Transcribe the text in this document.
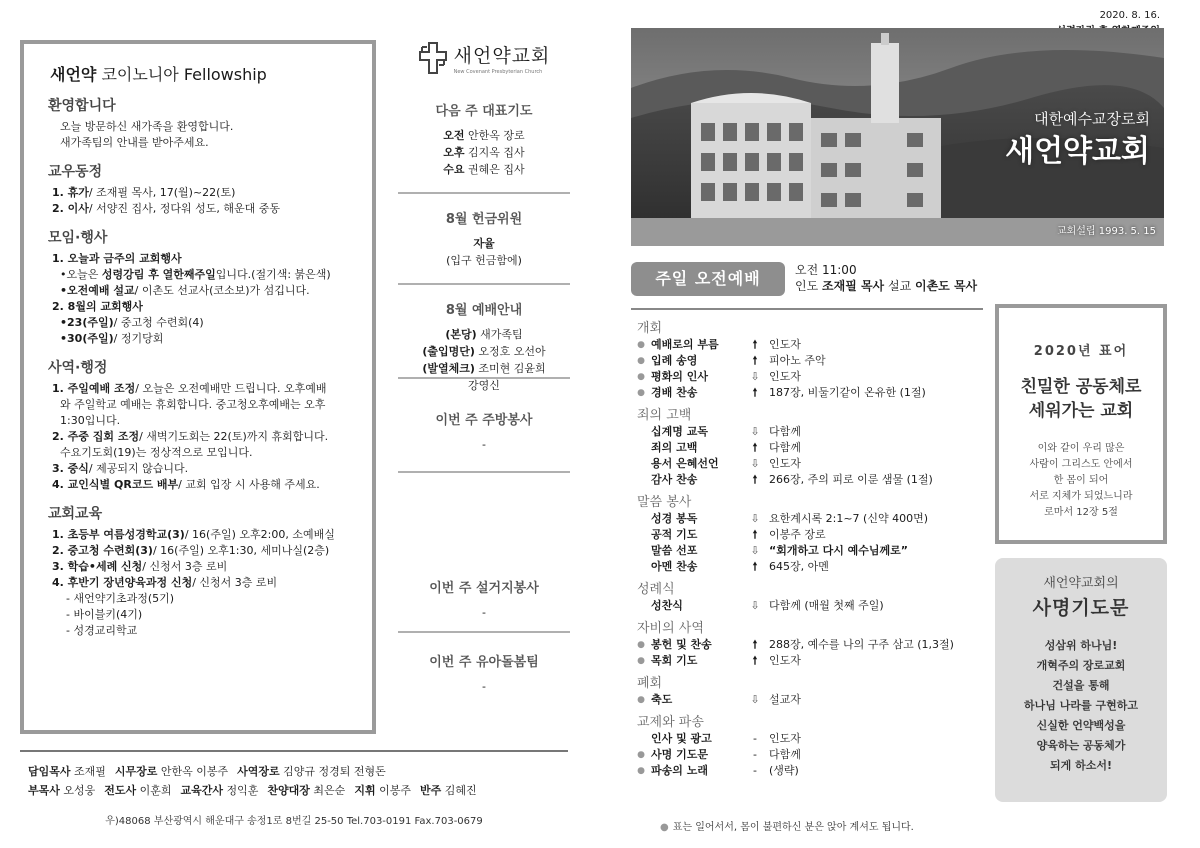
새언약 코이노니아 Fellowship
환영합니다
오늘 방문하신 새가족을 환영합니다.
새가족팀의 안내를 받아주세요.
교우동정
1. 휴가/ 조재필 목사, 17(월)~22(토)
2. 이사/ 서양진 집사, 정다워 성도, 해운대 중동
모임·행사
1. 오늘과 금주의 교회행사
•오늘은 성령강림 후 열한째주일입니다.(절기색: 붉은색)
•오전예배 설교/ 이촌도 선교사(코소보)가 섬깁니다.
2. 8월의 교회행사
•23(주일)/ 중고청 수련회(4)
•30(주일)/ 정기당회
사역·행정
1. 주일예배 조정/ 오늘은 오전예배만 드립니다. 오후예배
와 주일학교 예배는 휴회합니다. 중고청오후예배는 오후
1:30입니다.
2. 주중 집회 조정/ 새벽기도회는 22(토)까지 휴회합니다.
수요기도회(19)는 정상적으로 모입니다.
3. 중식/ 제공되지 않습니다.
4. 교인식별 QR코드 배부/ 교회 입장 시 사용해 주세요.
교회교육
1. 초등부 여름성경학교(3)/ 16(주일) 오후2:00, 소예배실
2. 중고청 수련회(3)/ 16(주일) 오후1:30, 세미나실(2층)
3. 학습•세례 신청/ 신청서 3층 로비
4. 후반기 장년양육과정 신청/ 신청서 3층 로비
- 새언약기초과정(5기)
- 바이블키(4기)
- 성경교리학교
새언약교회
New Covenant Presbyterian Church
다음 주 대표기도
오전 안한옥 장로
오후 김지옥 집사
수요 권혜은 집사
8월 헌금위원
자율
(입구 헌금함에)
8월 예배안내
(본당) 새가족팀
(출입명단) 오정호 오선아
(발열체크) 조미현 김윤희
강영신
이번 주 주방봉사
-
이번 주 설거지봉사
-
이번 주 유아돌봄팀
-
담임목사 조재필 시무장로 안한옥 이봉주 사역장로 김양규 정경퇴 전형돈
부목사 오성웅 전도사 이훈희 교육간사 정익훈 찬양대장 최은순 지휘 이봉주 반주 김혜진
우)48068 부산광역시 해운대구 송정1로 8번길 25-50 Tel.703-0191 Fax.703-0679
2020. 8. 16.
대한예수교장로회
새언약교회
교회설립 1993. 5. 15
주일 오전예배	오전 11:00
인도 조재필 목사 설교 이촌도 목사
개회
● 예배로의 부름	🠕	인도자
● 입례 송영	🠕	피아노 주악
● 평화의 인사	⇩ 인도자
● 경배 찬송	🠕	187장, 비둘기같이 온유한 (1절)
죄의 고백
십계명 교독	⇩ 다함께
죄의 고백	🠕	다함께
용서 은혜선언	⇩ 인도자
감사 찬송	🠕	266장, 주의 피로 이룬 샘물 (1절)
말씀 봉사
성경 봉독	⇩ 요한계시록 2:1~7 (신약 400면)
공적 기도	🠕	이봉주 장로
말씀 선포	⇩ “회개하고 다시 예수님께로”
아멘 찬송	🠕	645장, 아멘
성례식
성찬식	⇩ 다함께 (매월 첫째 주일)
자비의 사역
● 봉헌 및 찬송	🠕	288장, 예수를 나의 구주 삼고 (1,3절)
● 목회 기도	🠕	인도자
폐회
● 축도	⇩ 설교자
교제와 파송
인사 및 광고	-	인도자
● 사명 기도문	-	다함께
● 파송의 노래	-	(생략)
● 표는 일어서서, 몸이 불편하신 분은 앉아 계셔도 됩니다.
2020년 표어
친밀한 공동체로
세워가는 교회
이와 같이 우리 많은
사람이 그리스도 안에서
한 몸이 되어
서로 지체가 되었느니라
로마서 12장 5절
새언약교회의
사명기도문
성삼위 하나님!
개혁주의 장로교회
건설을 통해
하나님 나라를 구현하고
신실한 언약백성을
양육하는 공동체가
되게 하소서!
